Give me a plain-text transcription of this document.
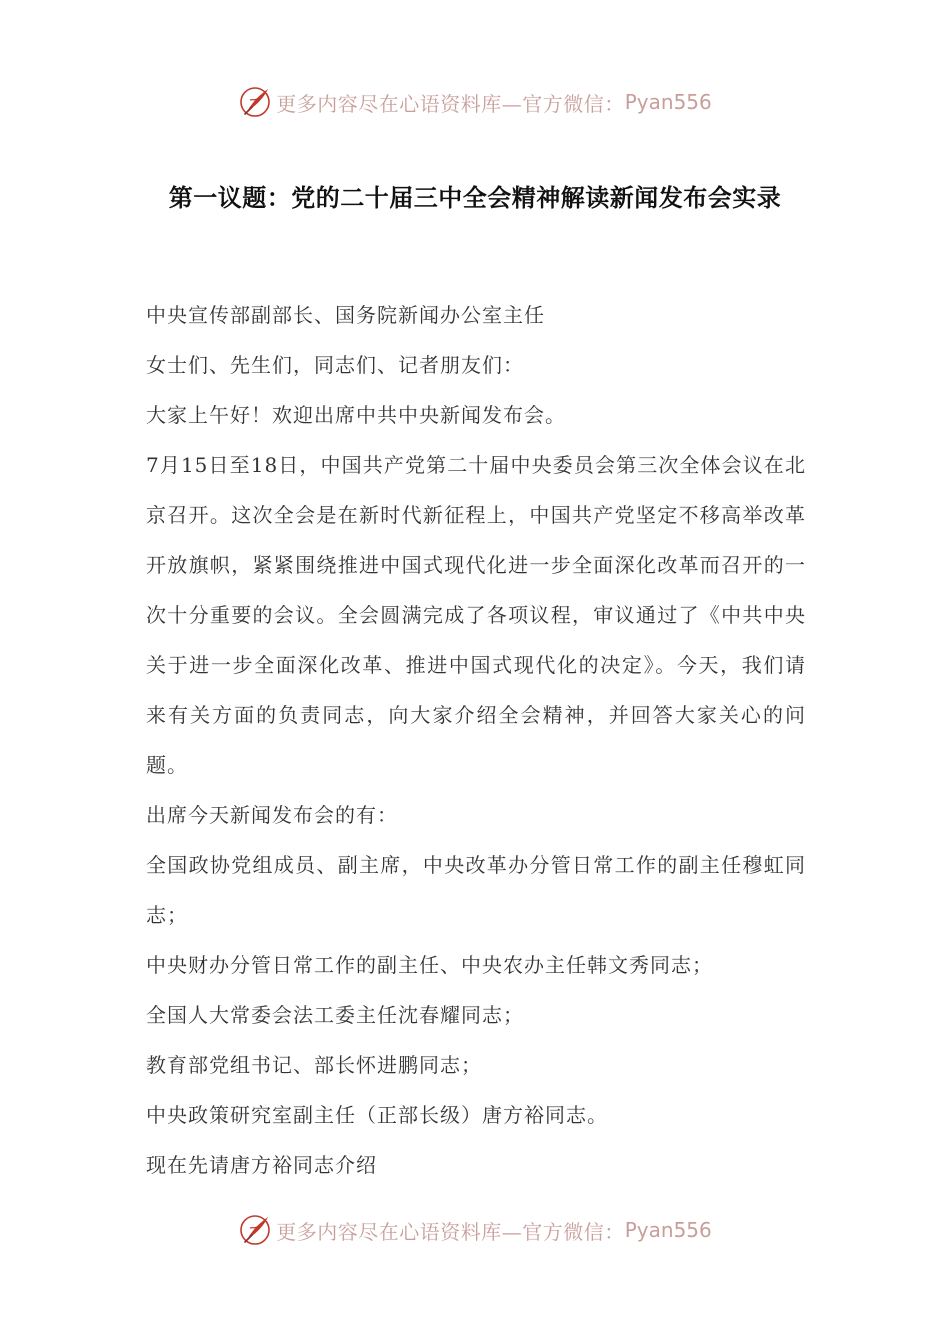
更多内容尽在心语资料库—官方微信： Pyan556
第一议题：党的二十届三中全会精神解读新闻发布会实录

中央宣传部副部长、国务院新闻办公室主任

女士们、先生们，同志们、记者朋友们：

大家上午好！欢迎出席中共中央新闻发布会。

7月15日至18日，中国共产党第二十届中央委员会第三次全体会议在北京召开。这次全会是在新时代新征程上，中国共产党坚定不移高举改革开放旗帜，紧紧围绕推进中国式现代化进一步全面深化改革而召开的一次十分重要的会议。全会圆满完成了各项议程，审议通过了《中共中央关于进一步全面深化改革、推进中国式现代化的决定》。今天，我们请来有关方面的负责同志，向大家介绍全会精神，并回答大家关心的问题。

出席今天新闻发布会的有：

全国政协党组成员、副主席，中央改革办分管日常工作的副主任穆虹同志；

中央财办分管日常工作的副主任、中央农办主任韩文秀同志；

全国人大常委会法工委主任沈春耀同志；

教育部党组书记、部长怀进鹏同志；

中央政策研究室副主任（正部长级）唐方裕同志。

现在先请唐方裕同志介绍

更多内容尽在心语资料库—官方微信： Pyan556
